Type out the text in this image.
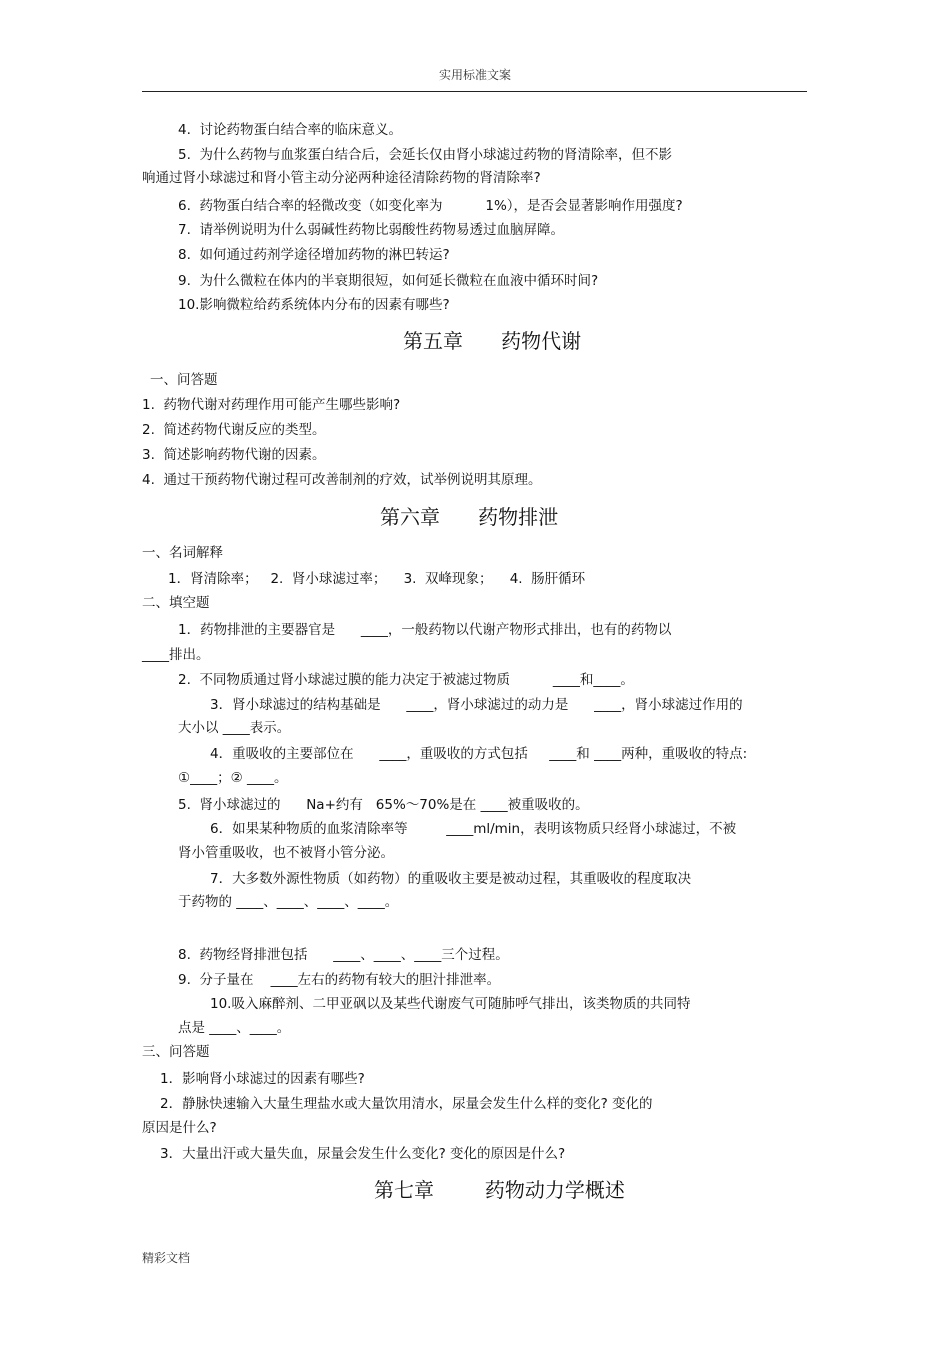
实用标准文案
4.  讨论药物蛋白结合率的临床意义。
5.  为什么药物与血浆蛋白结合后，会延长仅由肾小球滤过药物的肾清除率，但不影
响通过肾小球滤过和肾小管主动分泌两种途径清除药物的肾清除率?
6.  药物蛋白结合率的轻微改变（如变化率为          1%），是否会显著影响作用强度?
7.  请举例说明为什么弱碱性药物比弱酸性药物易透过血脑屏障。
8.  如何通过药剂学途径增加药物的淋巴转运?
9.  为什么微粒在体内的半衰期很短，如何延长微粒在血液中循环时间?
10.影响微粒给药系统体内分布的因素有哪些?
第五章      药物代谢
一、问答题
1.  药物代谢对药理作用可能产生哪些影响?
2.  简述药物代谢反应的类型。
3.  简述影响药物代谢的因素。
4.  通过干预药物代谢过程可改善制剂的疗效，试举例说明其原理。
第六章      药物排泄
一、名词解释
1．肾清除率；   2.  肾小球滤过率；    3.  双峰现象；    4.  肠肝循环
二、填空题
1．药物排泄的主要器官是      ____，一般药物以代谢产物形式排出，也有的药物以
____排出。
2.  不同物质通过肾小球滤过膜的能力决定于被滤过物质          ____和____。
3．肾小球滤过的结构基础是      ____，肾小球滤过的动力是      ____，肾小球滤过作用的
大小以 ____表示。
4．重吸收的主要部位在      ____，重吸收的方式包括     ____和 ____两种，重吸收的特点:
①____；② ____。
5.  肾小球滤过的      Na+约有   65%～70%是在 ____被重吸收的。
6．如果某种物质的血浆清除率等         ____ml/min，表明该物质只经肾小球滤过，不被
肾小管重吸收，也不被肾小管分泌。
7．大多数外源性物质（如药物）的重吸收主要是被动过程，其重吸收的程度取决
于药物的 ____、____、____、____。
8.  药物经肾排泄包括      ____、____、____三个过程。
9.  分子量在    ____左右的药物有较大的胆汁排泄率。
10.吸入麻醉剂、二甲亚砜以及某些代谢废气可随肺呼气排出，该类物质的共同特
点是 ____、____。
三、问答题
1．影响肾小球滤过的因素有哪些?
2．静脉快速输入大量生理盐水或大量饮用清水，尿量会发生什么样的变化? 变化的
原因是什么?
3．大量出汗或大量失血，尿量会发生什么变化? 变化的原因是什么?
第七章        药物动力学概述
精彩文档
